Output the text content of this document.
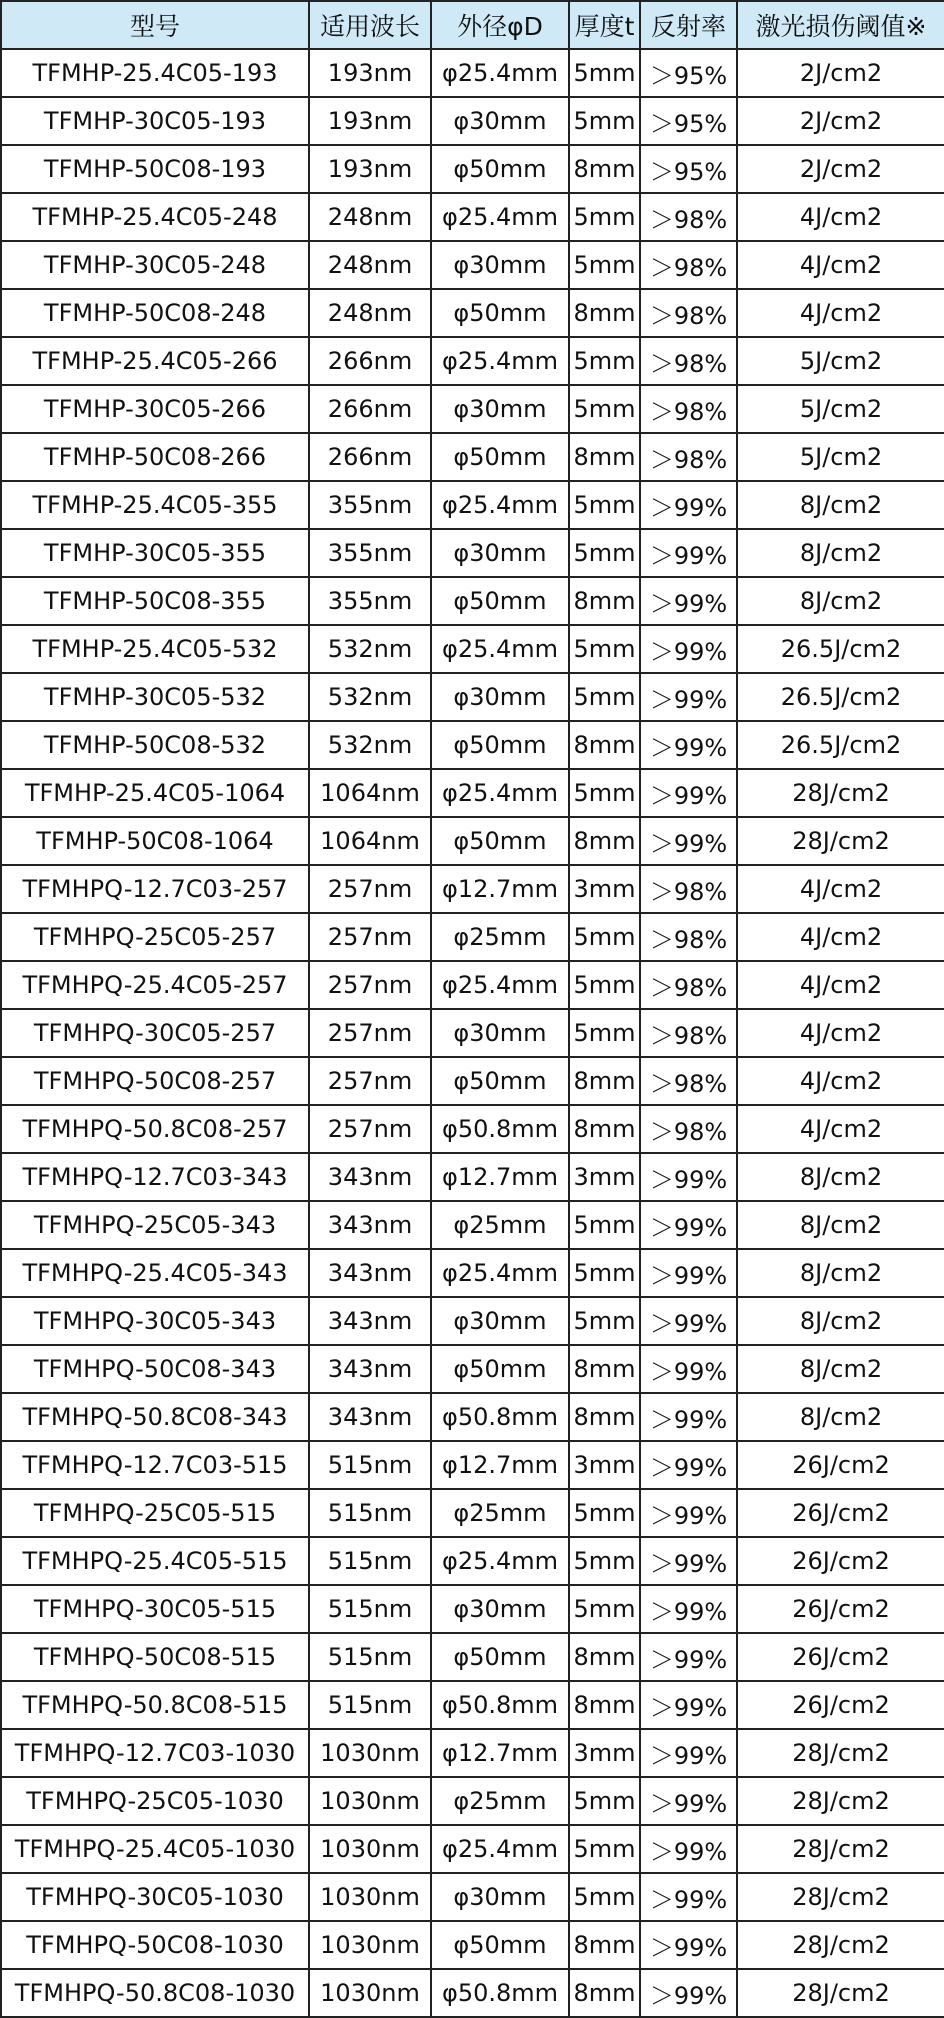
型号	适用波长	外径φD	厚度t	反射率	激光损伤阈值※
TFMHP-25.4C05-193	193nm	φ25.4mm	5mm	＞95%	2J/cm2
TFMHP-30C05-193	193nm	φ30mm	5mm	＞95%	2J/cm2
TFMHP-50C08-193	193nm	φ50mm	8mm	＞95%	2J/cm2
TFMHP-25.4C05-248	248nm	φ25.4mm	5mm	＞98%	4J/cm2
TFMHP-30C05-248	248nm	φ30mm	5mm	＞98%	4J/cm2
TFMHP-50C08-248	248nm	φ50mm	8mm	＞98%	4J/cm2
TFMHP-25.4C05-266	266nm	φ25.4mm	5mm	＞98%	5J/cm2
TFMHP-30C05-266	266nm	φ30mm	5mm	＞98%	5J/cm2
TFMHP-50C08-266	266nm	φ50mm	8mm	＞98%	5J/cm2
TFMHP-25.4C05-355	355nm	φ25.4mm	5mm	＞99%	8J/cm2
TFMHP-30C05-355	355nm	φ30mm	5mm	＞99%	8J/cm2
TFMHP-50C08-355	355nm	φ50mm	8mm	＞99%	8J/cm2
TFMHP-25.4C05-532	532nm	φ25.4mm	5mm	＞99%	26.5J/cm2
TFMHP-30C05-532	532nm	φ30mm	5mm	＞99%	26.5J/cm2
TFMHP-50C08-532	532nm	φ50mm	8mm	＞99%	26.5J/cm2
TFMHP-25.4C05-1064	1064nm	φ25.4mm	5mm	＞99%	28J/cm2
TFMHP-50C08-1064	1064nm	φ50mm	8mm	＞99%	28J/cm2
TFMHPQ-12.7C03-257	257nm	φ12.7mm	3mm	＞98%	4J/cm2
TFMHPQ-25C05-257	257nm	φ25mm	5mm	＞98%	4J/cm2
TFMHPQ-25.4C05-257	257nm	φ25.4mm	5mm	＞98%	4J/cm2
TFMHPQ-30C05-257	257nm	φ30mm	5mm	＞98%	4J/cm2
TFMHPQ-50C08-257	257nm	φ50mm	8mm	＞98%	4J/cm2
TFMHPQ-50.8C08-257	257nm	φ50.8mm	8mm	＞98%	4J/cm2
TFMHPQ-12.7C03-343	343nm	φ12.7mm	3mm	＞99%	8J/cm2
TFMHPQ-25C05-343	343nm	φ25mm	5mm	＞99%	8J/cm2
TFMHPQ-25.4C05-343	343nm	φ25.4mm	5mm	＞99%	8J/cm2
TFMHPQ-30C05-343	343nm	φ30mm	5mm	＞99%	8J/cm2
TFMHPQ-50C08-343	343nm	φ50mm	8mm	＞99%	8J/cm2
TFMHPQ-50.8C08-343	343nm	φ50.8mm	8mm	＞99%	8J/cm2
TFMHPQ-12.7C03-515	515nm	φ12.7mm	3mm	＞99%	26J/cm2
TFMHPQ-25C05-515	515nm	φ25mm	5mm	＞99%	26J/cm2
TFMHPQ-25.4C05-515	515nm	φ25.4mm	5mm	＞99%	26J/cm2
TFMHPQ-30C05-515	515nm	φ30mm	5mm	＞99%	26J/cm2
TFMHPQ-50C08-515	515nm	φ50mm	8mm	＞99%	26J/cm2
TFMHPQ-50.8C08-515	515nm	φ50.8mm	8mm	＞99%	26J/cm2
TFMHPQ-12.7C03-1030	1030nm	φ12.7mm	3mm	＞99%	28J/cm2
TFMHPQ-25C05-1030	1030nm	φ25mm	5mm	＞99%	28J/cm2
TFMHPQ-25.4C05-1030	1030nm	φ25.4mm	5mm	＞99%	28J/cm2
TFMHPQ-30C05-1030	1030nm	φ30mm	5mm	＞99%	28J/cm2
TFMHPQ-50C08-1030	1030nm	φ50mm	8mm	＞99%	28J/cm2
TFMHPQ-50.8C08-1030	1030nm	φ50.8mm	8mm	＞99%	28J/cm2
